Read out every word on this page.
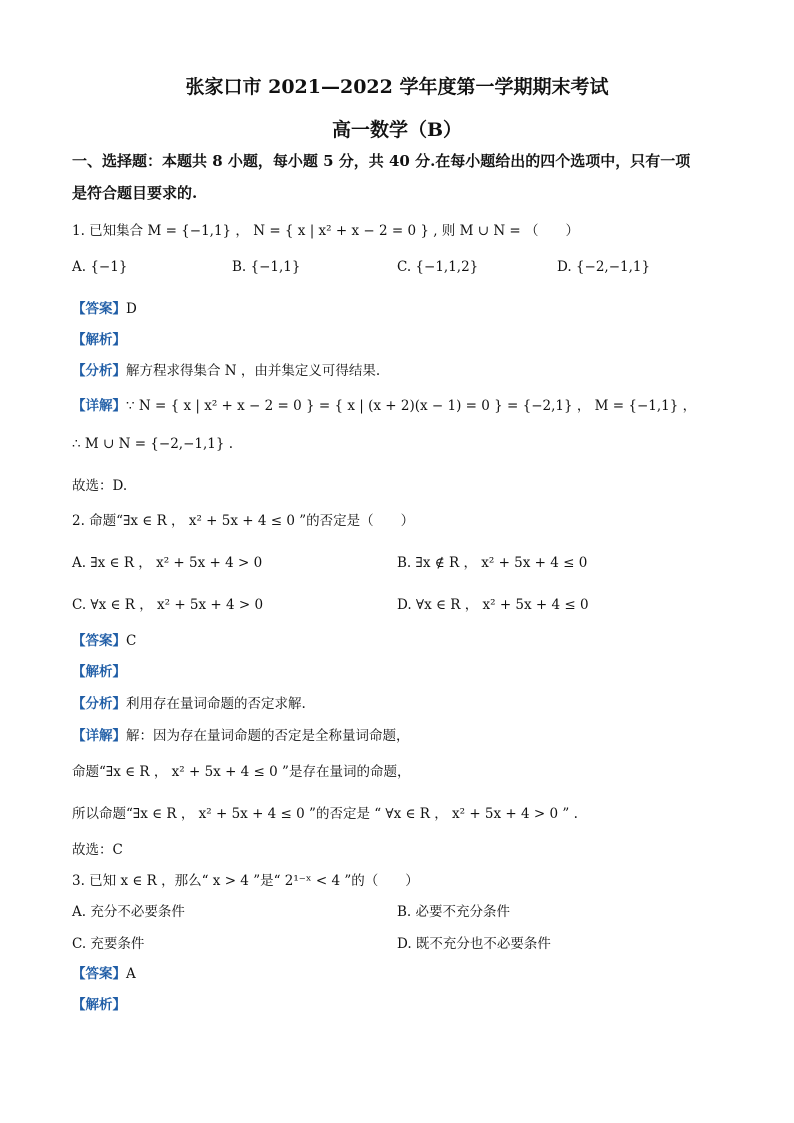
张家口市 2021—2022 学年度第一学期期末考试
高一数学（B）
一、选择题：本题共 8 小题，每小题 5 分，共 40 分.在每小题给出的四个选项中，只有一项
是符合题目要求的.
1. 已知集合 M = {−1,1} ， N = { x | x² + x − 2 = 0 } , 则 M ∪ N = （　　）
A. {−1}	B. {−1,1}	C. {−1,1,2}	D. {−2,−1,1}
【答案】D
【解析】
【分析】解方程求得集合 N ，由并集定义可得结果.
【详解】∵ N = { x | x² + x − 2 = 0 } = { x | (x + 2)(x − 1) = 0 } = {−2,1} ， M = {−1,1} ，
∴ M ∪ N = {−2,−1,1} .
故选：D.
2. 命题“∃x ∈ R ， x² + 5x + 4 ≤ 0 ”的否定是（　　）
A. ∃x ∈ R ， x² + 5x + 4 > 0	B. ∃x ∉ R ， x² + 5x + 4 ≤ 0
C. ∀x ∈ R ， x² + 5x + 4 > 0	D. ∀x ∈ R ， x² + 5x + 4 ≤ 0
【答案】C
【解析】
【分析】利用存在量词命题的否定求解.
【详解】解：因为存在量词命题的否定是全称量词命题，
命题“∃x ∈ R ， x² + 5x + 4 ≤ 0 ”是存在量词的命题，
所以命题“∃x ∈ R ， x² + 5x + 4 ≤ 0 ”的否定是 “ ∀x ∈ R ， x² + 5x + 4 > 0 ” .
故选：C
3. 已知 x ∈ R ，那么“ x > 4 ”是“ 2¹⁻ˣ < 4 ”的（　　）
A. 充分不必要条件	B. 必要不充分条件
C. 充要条件	D. 既不充分也不必要条件
【答案】A
【解析】
